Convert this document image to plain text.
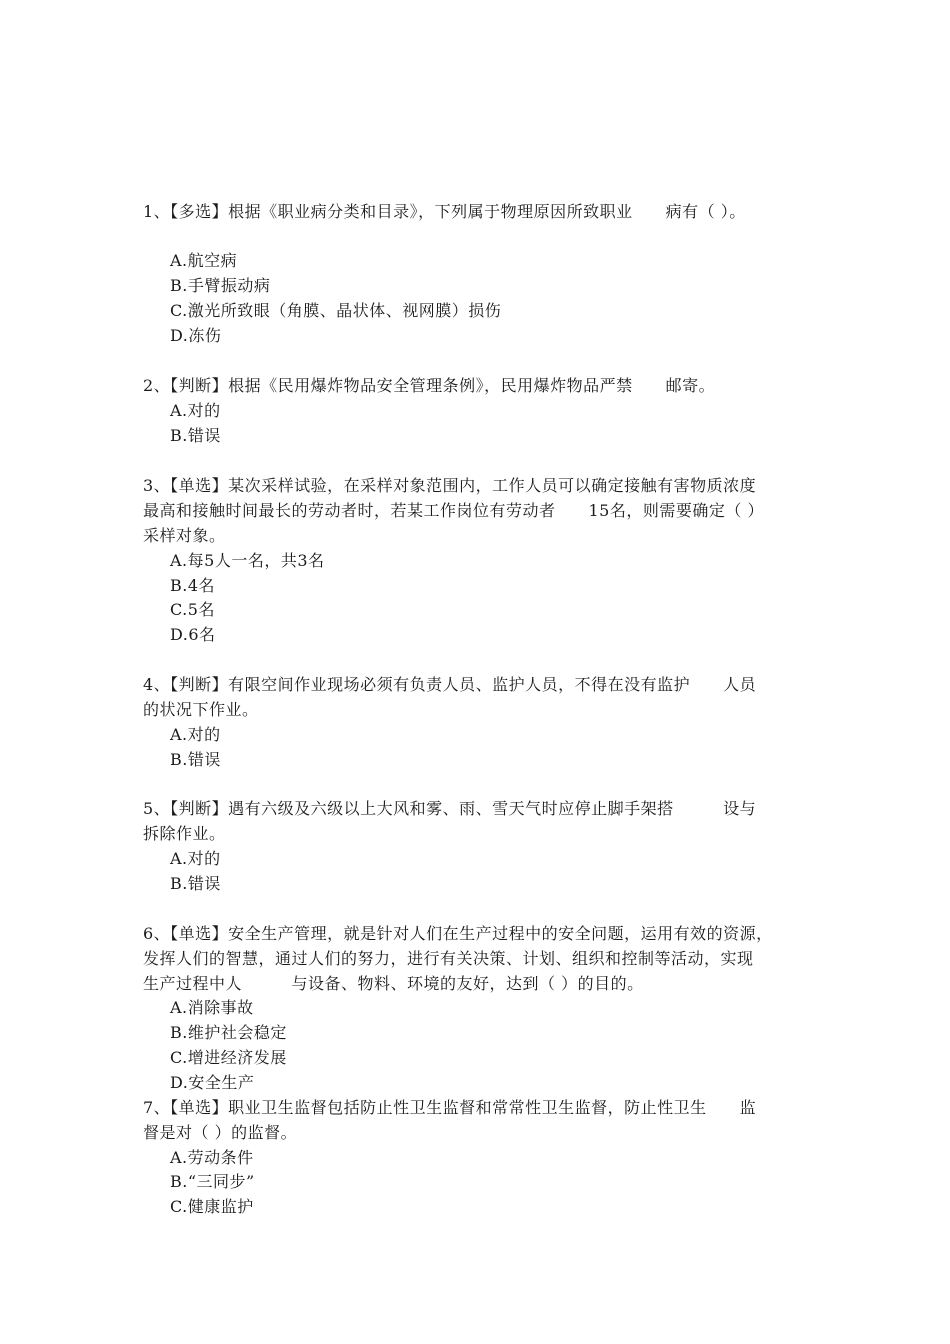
1、【多选】根据《职业病分类和目录》，下列属于物理原因所致职业　　病有（ ）。
A.航空病
B.手臂振动病
C.激光所致眼（角膜、晶状体、视网膜）损伤
D.冻伤
2、【判断】根据《民用爆炸物品安全管理条例》，民用爆炸物品严禁　　邮寄。
A.对的
B.错误
3、【单选】某次采样试验，在采样对象范围内，工作人员可以确定接触有害物质浓度
最高和接触时间最长的劳动者时，若某工作岗位有劳动者　　15名，则需要确定（ ）
采样对象。
A.每5人一名，共3名
B.4名
C.5名
D.6名
4、【判断】有限空间作业现场必须有负责人员、监护人员，不得在没有监护　　人员
的状况下作业。
A.对的
B.错误
5、【判断】遇有六级及六级以上大风和雾、雨、雪天气时应停止脚手架搭　　　设与
拆除作业。
A.对的
B.错误
6、【单选】安全生产管理，就是针对人们在生产过程中的安全问题，运用有效的资源，
发挥人们的智慧，通过人们的努力，进行有关决策、计划、组织和控制等活动，实现
生产过程中人　　　与设备、物料、环境的友好，达到（ ）的目的。
A.消除事故
B.维护社会稳定
C.增进经济发展
D.安全生产
7、【单选】职业卫生监督包括防止性卫生监督和常常性卫生监督，防止性卫生　　监
督是对（ ）的监督。
A.劳动条件
B.“三同步”
C.健康监护
